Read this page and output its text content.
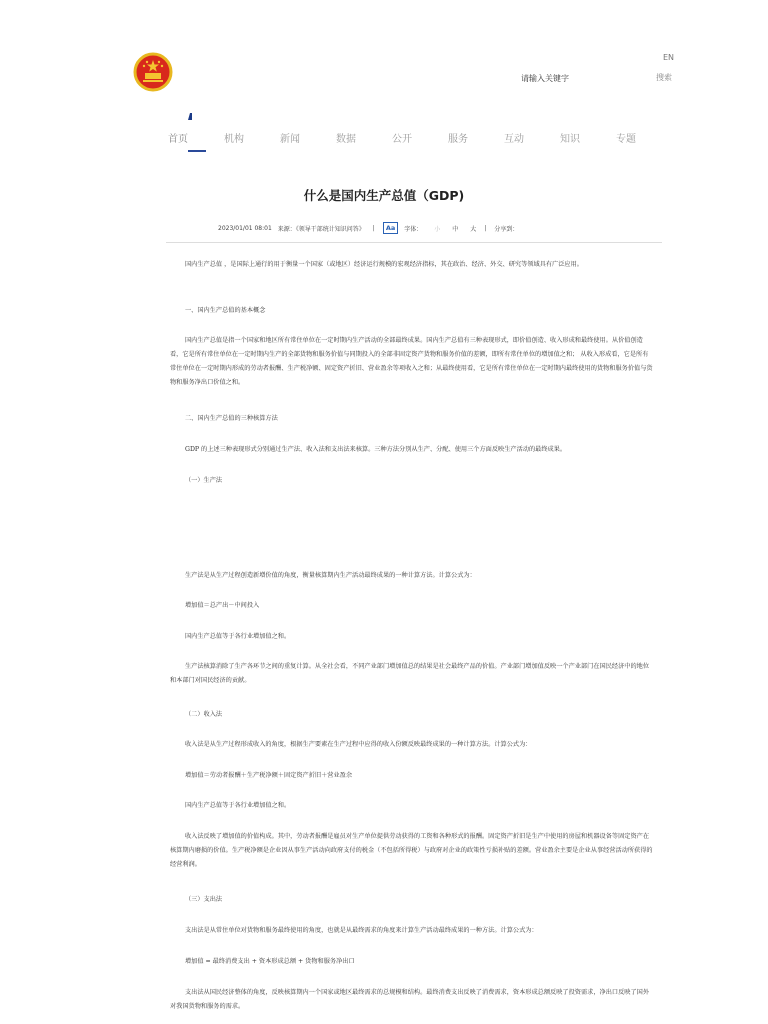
EN
请输入关键字
搜索
首页	机构	新闻	数据	公开	服务	互动	知识	专题
什么是国内生产总值（GDP)
2023/01/01 08:01 来源：《领导干部统计知识问答》 |	Aa	字体： 小 中 大 | 分享到：

国内生产总值 ，是国际上通行的用于衡量一个国家（或地区）经济运行规模的宏观经济指标，其在政治、经济、外交、研究等领域具有广泛应用。

一、国内生产总值的基本概念

国内生产总值是指一个国家和地区所有常住单位在一定时期内生产活动的全部最终成果。国内生产总值有三种表现形式，即价值创造、收入形成和最终使用。从价值创造看，它是所有常住单位在一定时期内生产的全部货物和服务价值与同期投入的全部非固定资产货物和服务价值的差额，即所有常住单位的增加值之和； 从收入形成看，它是所有常住单位在一定时期内形成的劳动者报酬、生产税净额、固定资产折旧、营业盈余等项收入之和；从最终使用看，它是所有常住单位在一定时期内最终使用的货物和服务价值与货物和服务净出口价值之和。

二、国内生产总值的三种核算方法

GDP 的上述三种表现形式分别通过生产法、收入法和支出法来核算。三种方法分别从生产、分配、使用三个方面反映生产活动的最终成果。

（一）生产法

生产法是从生产过程创造新增价值的角度，衡量核算期内生产活动最终成果的一种计算方法。计算公式为：

增加值＝总产出－中间投入

国内生产总值等于各行业增加值之和。

生产法核算消除了生产各环节之间的重复计算。从全社会看，不同产业部门增加值总的结果是社会最终产品的价值。产业部门增加值反映一个产业部门在国民经济中的地位和本部门对国民经济的贡献。

（二）收入法

收入法是从生产过程形成收入的角度，根据生产要素在生产过程中应得的收入份额反映最终成果的一种计算方法。计算公式为：

增加值＝劳动者报酬＋生产税净额＋固定资产折旧＋营业盈余

国内生产总值等于各行业增加值之和。

收入法反映了增加值的价值构成。其中，劳动者报酬是雇员对生产单位提供劳动获得的工资和各种形式的报酬。固定资产折旧是生产中使用的房屋和机器设备等固定资产在核算期内磨损的价值。生产税净额是企业因从事生产活动向政府支付的税金（不包括所得税）与政府对企业的政策性亏损补贴的差额。营业盈余主要是企业从事经营活动所获得的经营利润。

（三）支出法

支出法是从常住单位对货物和服务最终使用的角度，也就是从最终需求的角度来计算生产活动最终成果的一种方法。计算公式为：

增加值 = 最终消费支出 + 资本形成总额 + 货物和服务净出口

支出法从国民经济整体的角度，反映核算期内一个国家或地区最终需求的总规模和结构。最终消费支出反映了消费需求，资本形成总额反映了投资需求，净出口反映了国外对我国货物和服务的需求。
